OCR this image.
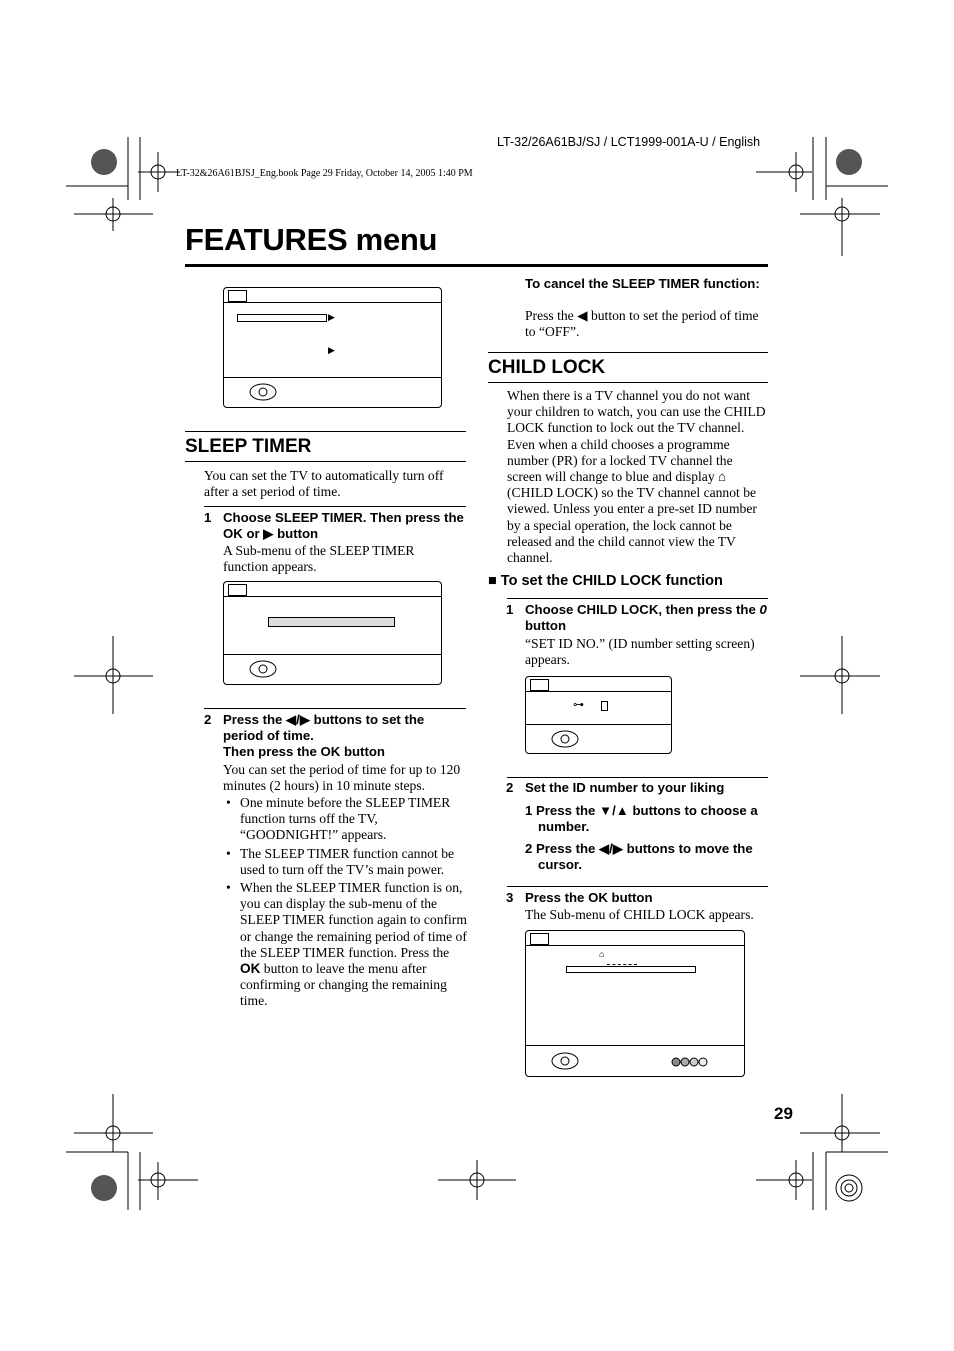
LT-32/26A61BJ/SJ / LCT1999-001A-U / English
LT-32&26A61BJSJ_Eng.book Page 29 Friday, October 14, 2005 1:40 PM
FEATURES menu
▶
▶
SLEEP TIMER
You can set the TV to automatically turn off after a set period of time.
1 Choose SLEEP TIMER. Then press the OK or ▶ button
A Sub-menu of the SLEEP TIMER function appears.
2 Press the ◀/▶ buttons to set the period of time.
Then press the OK button
You can set the period of time for up to 120 minutes (2 hours) in 10 minute steps.
• One minute before the SLEEP TIMER function turns off the TV, “GOODNIGHT!” appears.
• The SLEEP TIMER function cannot be used to turn off the TV’s main power.
• When the SLEEP TIMER function is on, you can display the sub-menu of the SLEEP TIMER function again to confirm or change the remaining period of time of the SLEEP TIMER function. Press the OK button to leave the menu after confirming or changing the remaining time.
To cancel the SLEEP TIMER function:
Press the ◀ button to set the period of time to “OFF”.
CHILD LOCK
When there is a TV channel you do not want your children to watch, you can use the CHILD LOCK function to lock out the TV channel. Even when a child chooses a programme number (PR) for a locked TV channel the screen will change to blue and display ⌂ (CHILD LOCK) so the TV channel cannot be viewed. Unless you enter a pre-set ID number by a special operation, the lock cannot be released and the child cannot view the TV channel.
■ To set the CHILD LOCK function
1 Choose CHILD LOCK, then press the 0 button
“SET ID NO.” (ID number setting screen) appears.
⊶
2 Set the ID number to your liking
1 Press the ▼/▲ buttons to choose a number.
2 Press the ◀/▶ buttons to move the cursor.
3 Press the OK button
The Sub-menu of CHILD LOCK appears.
⌂
29
